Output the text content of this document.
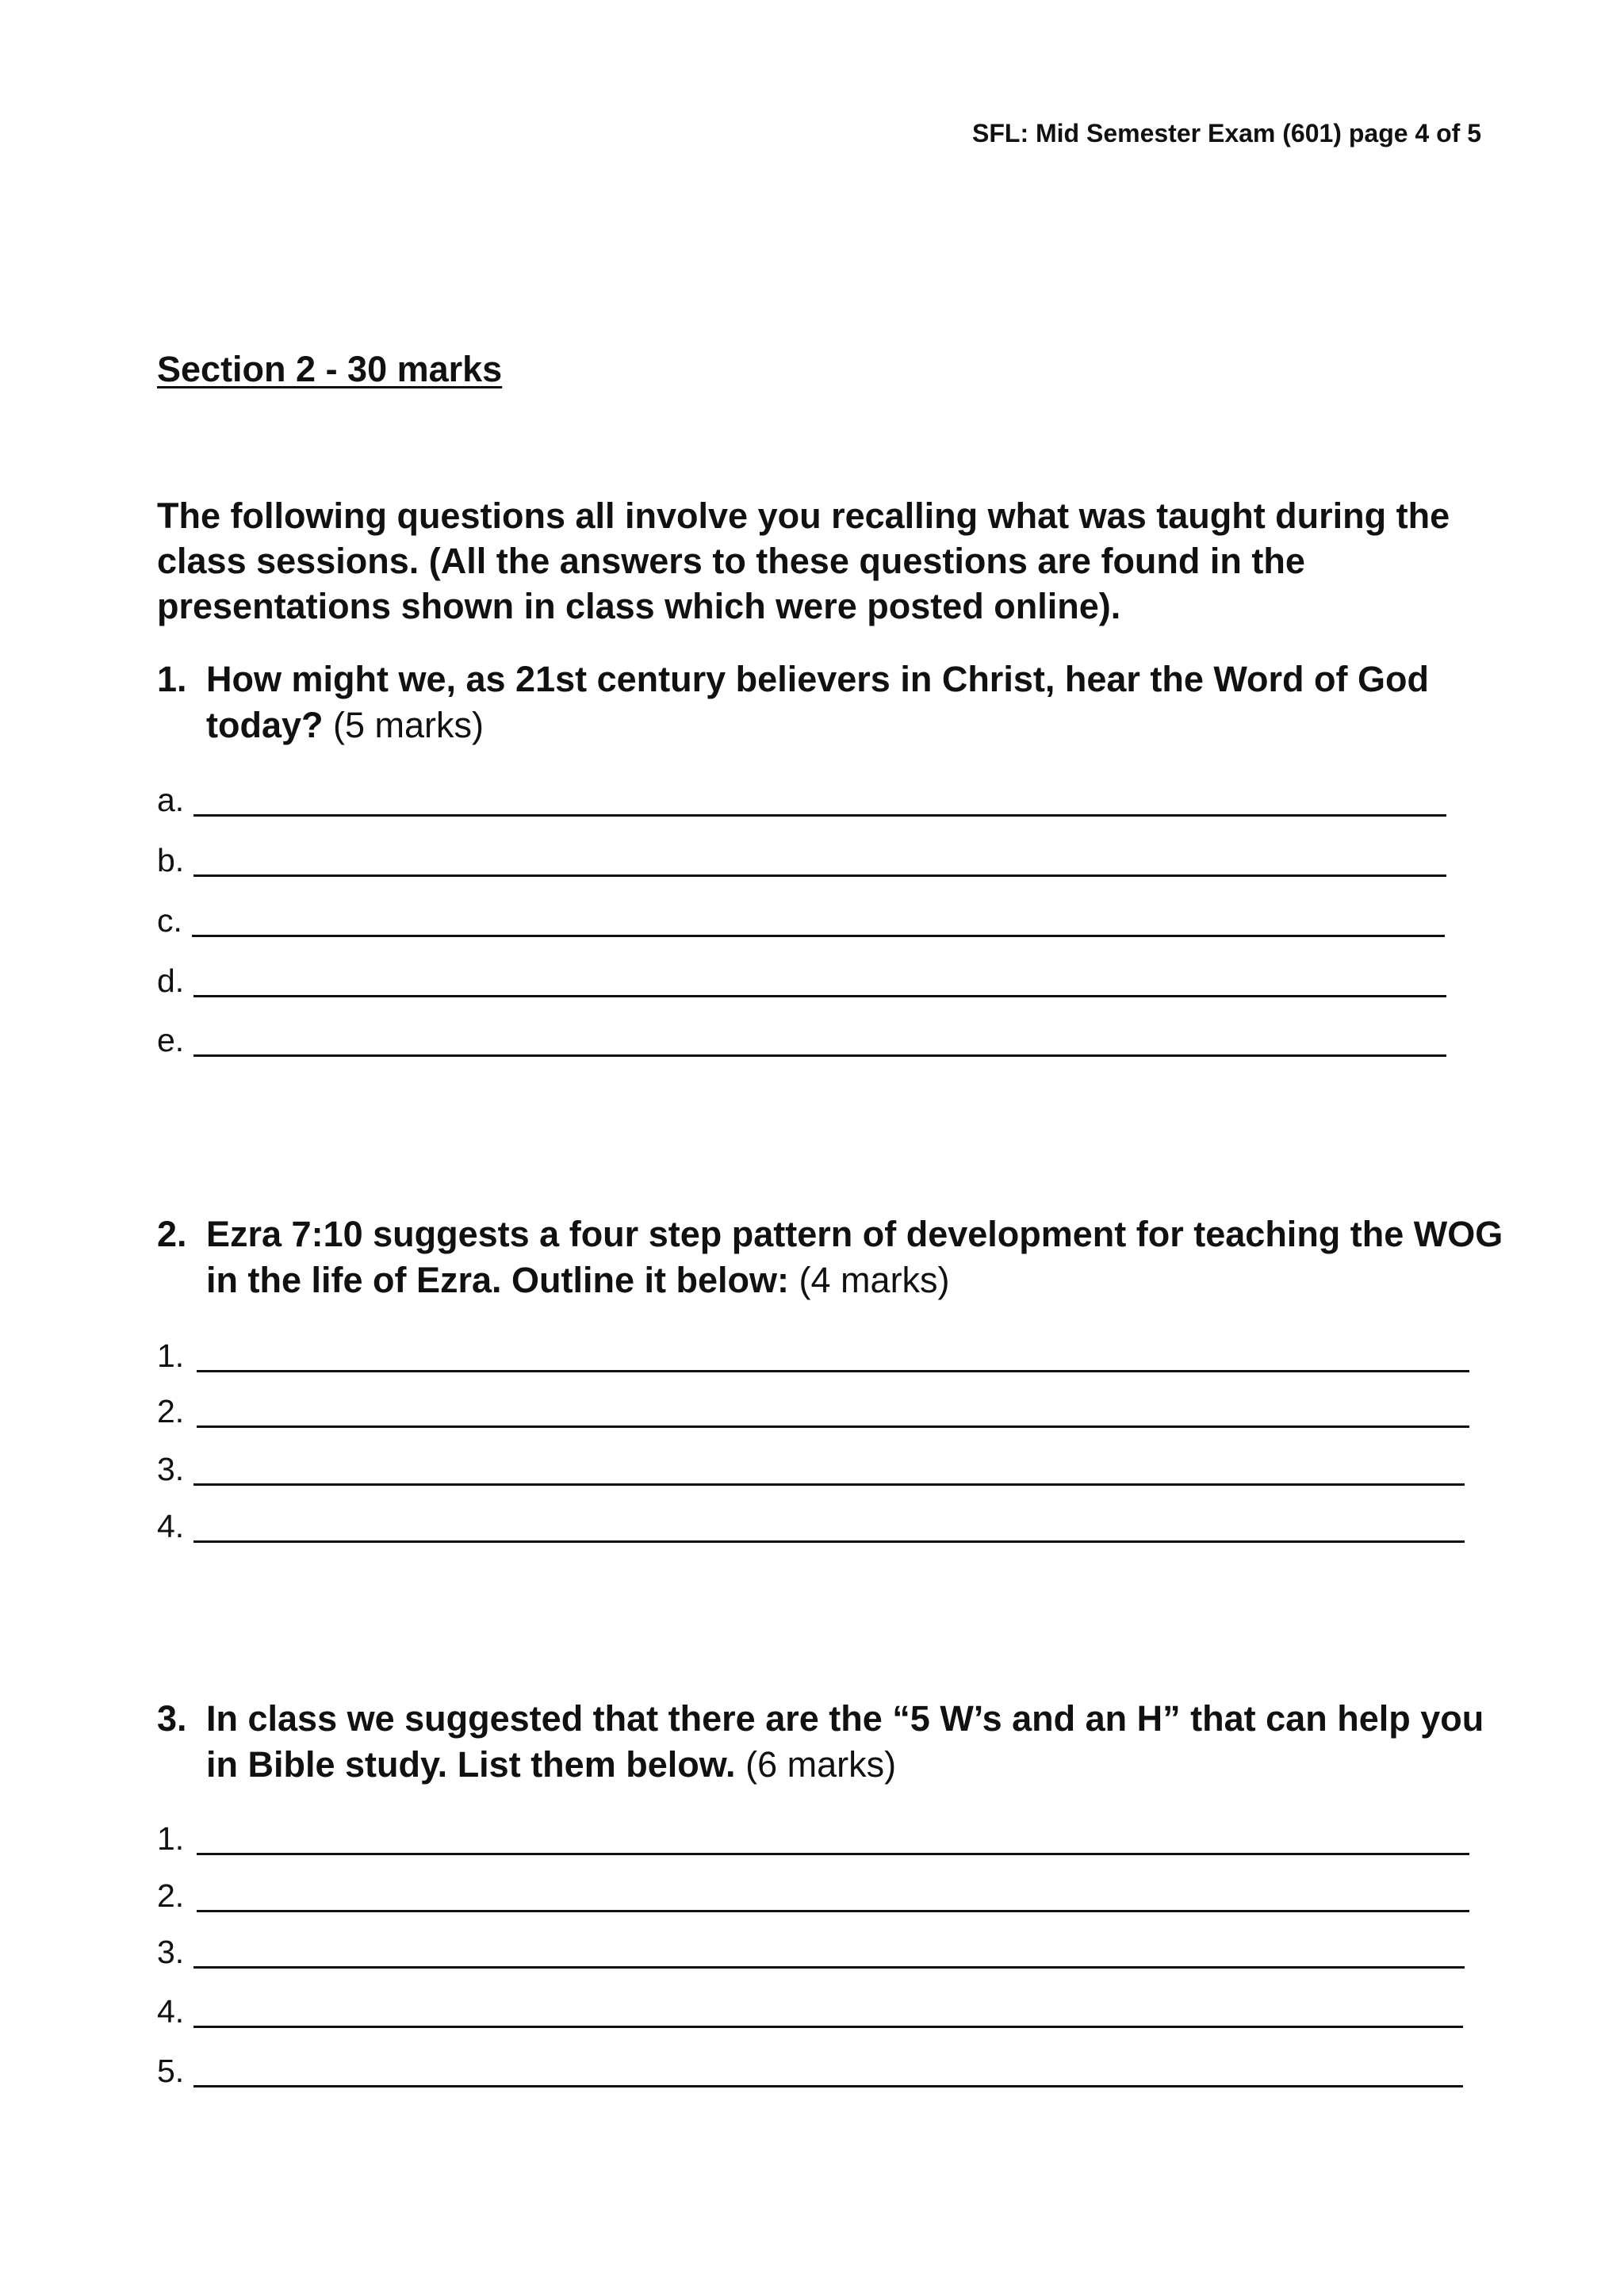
SFL: Mid Semester Exam (601) page 4 of 5
Section 2 - 30 marks

The following questions all involve you recalling what was taught during the class sessions. (All the answers to these questions are found in the presentations shown in class which were posted online).

1. How might we, as 21st century believers in Christ, hear the Word of God today? (5 marks)
a.
b.
c.
d.
e.
2. Ezra 7:10 suggests a four step pattern of development for teaching the WOG in the life of Ezra. Outline it below: (4 marks)
1.
2.
3.
4.
3. In class we suggested that there are the “5 W’s and an H” that can help you in Bible study. List them below. (6 marks)
1.
2.
3.
4.
5.
